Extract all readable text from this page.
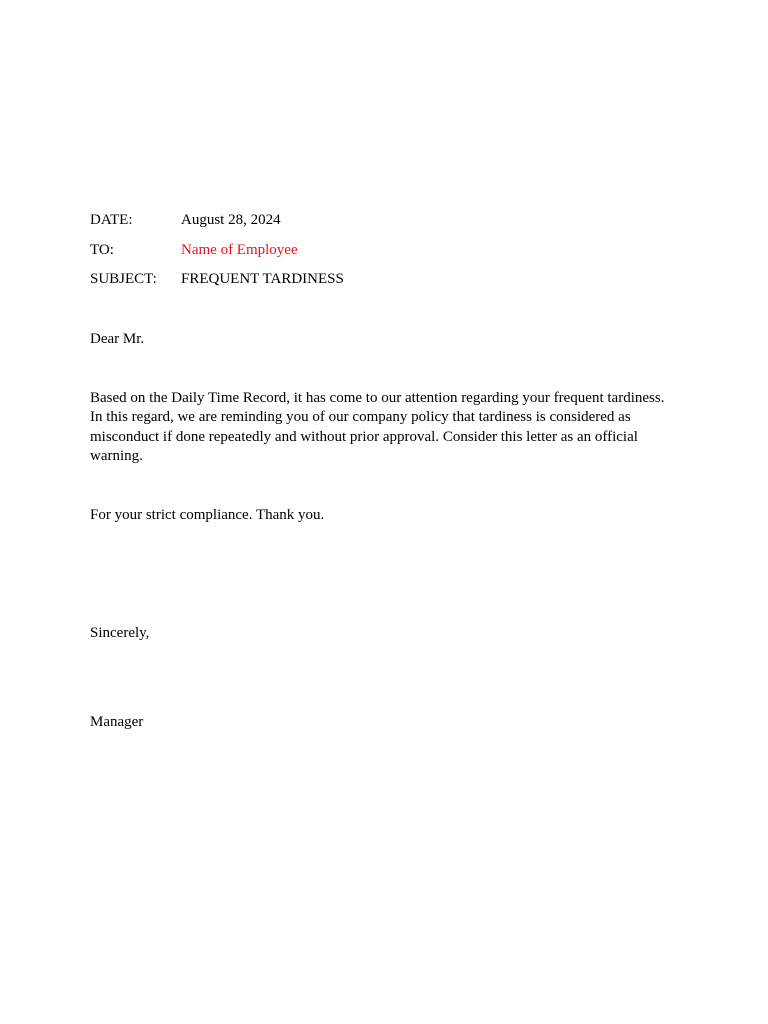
DATE:	August 28, 2024
TO:	Name of Employee
SUBJECT: FREQUENT TARDINESS

Dear Mr.

Based on the Daily Time Record, it has come to our attention regarding your frequent tardiness.
In this regard, we are reminding you of our company policy that tardiness is considered as
misconduct if done repeatedly and without prior approval. Consider this letter as an official
warning.

For your strict compliance. Thank you.

Sincerely,

Manager
